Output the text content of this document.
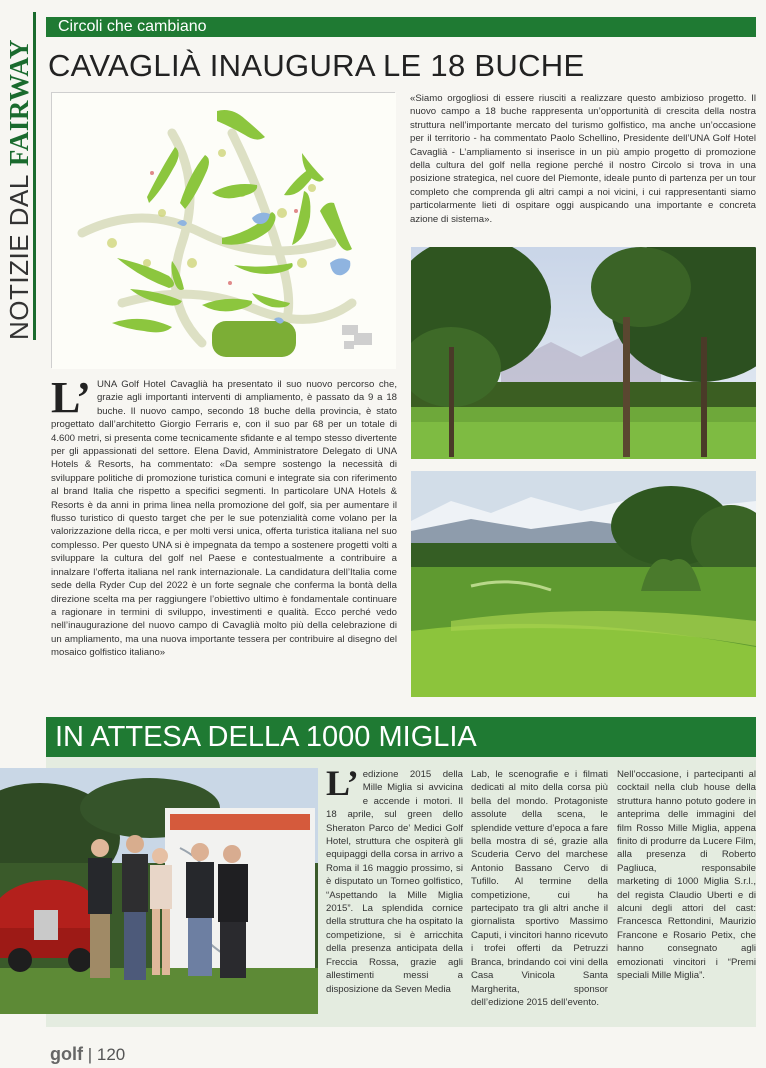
NOTIZIE DAL
FAIRWAY
Circoli che cambiano
CAVAGLIÀ INAUGURA LE 18 BUCHE
«Siamo orgogliosi di essere riusciti a realizzare questo ambizioso progetto. Il nuovo campo a 18 buche rappresenta un’opportunità di crescita della nostra struttura nell’importante mercato del turismo golfistico, ma anche un’occasione per il territorio - ha commentato Paolo Schellino, Presidente dell’UNA Golf Hotel Cavaglià - L’ampliamento si inserisce in un più ampio progetto di promozione della cultura del golf nella regione perché il nostro Circolo si trova in una posizione strategica, nel cuore del Piemonte, ideale punto di partenza per un tour completo che comprenda gli altri campi a noi vicini, i cui rappresentanti siamo particolarmente lieti di ospitare oggi auspicando una importante e concreta azione di sistema».
L’ UNA Golf Hotel Cavaglià ha presentato il suo nuovo percorso che, grazie agli importanti interventi di ampliamento, è passato da 9 a 18 buche. Il nuovo campo, secondo 18 buche della provincia, è stato progettato dall’architetto Giorgio Ferraris e, con il suo par 68 per un totale di 4.600 metri, si presenta come tecnicamente sfidante e al tempo stesso divertente per gli appassionati del settore. Elena David, Amministratore Delegato di UNA Hotels & Resorts, ha commentato: «Da sempre sostengo la necessità di sviluppare politiche di promozione turistica comuni e integrate sia con riferimento al brand Italia che rispetto a specifici segmenti. In particolare UNA Hotels & Resorts è da anni in prima linea nella promozione del golf, sia per aumentare il flusso turistico di questo target che per le sue potenzialità come volano per la valorizzazione della ricca, e per molti versi unica, offerta turistica italiana nel suo complesso. Per questo UNA si è impegnata da tempo a sostenere progetti volti a sviluppare la cultura del golf nel Paese e contestualmente a contribuire a innalzare l’offerta italiana nel rank internazionale. La candidatura dell’Italia come sede della Ryder Cup del 2022 è un forte segnale che conferma la bontà della direzione scelta ma per raggiungere l’obiettivo ultimo è fondamentale continuare a ragionare in termini di sviluppo, investimenti e qualità. Ecco perché vedo nell’inaugurazione del nuovo campo di Cavaglià molto più della celebrazione di un ampliamento, ma una nuova importante tessera per contribuire al disegno del mosaico golfistico italiano»
IN ATTESA DELLA 1000 MIGLIA
L’ edizione 2015 della Mille Miglia si avvicina e accende i motori. Il 18 aprile, sul green dello Sheraton Parco de’ Medici Golf Hotel, struttura che ospiterà gli equipaggi della corsa in arrivo a Roma il 16 maggio prossimo, si è disputato un Torneo golfistico, “Aspettando la Mille Miglia 2015”. La splendida cornice della struttura che ha ospitato la competizione, si è arricchita della presenza anticipata della Freccia Rossa, grazie agli allestimenti messi a disposizione da Seven Media
Lab, le scenografie e i filmati dedicati al mito della corsa più bella del mondo. Protagoniste assolute della scena, le splendide vetture d’epoca a fare bella mostra di sé, grazie alla Scuderia Cervo del marchese Antonio Bassano Cervo di Tufillo. Al termine della competizione, cui ha partecipato tra gli altri anche il giornalista sportivo Massimo Caputi, i vincitori hanno ricevuto i trofei offerti da Petruzzi Branca, brindando coi vini della Casa Vinicola Santa Margherita, sponsor dell’edizione 2015 dell’evento.
Nell’occasione, i partecipanti al cocktail nella club house della struttura hanno potuto godere in anteprima delle immagini del film Rosso Mille Miglia, appena finito di produrre da Lucere Film, alla presenza di Roberto Pagliuca, responsabile marketing di 1000 Miglia S.r.l., del regista Claudio Uberti e di alcuni degli attori del cast: Francesca Rettondini, Maurizio Francone e Rosario Petix, che hanno consegnato agli emozionati vincitori i “Premi speciali Mille Miglia”.
golf | 120
